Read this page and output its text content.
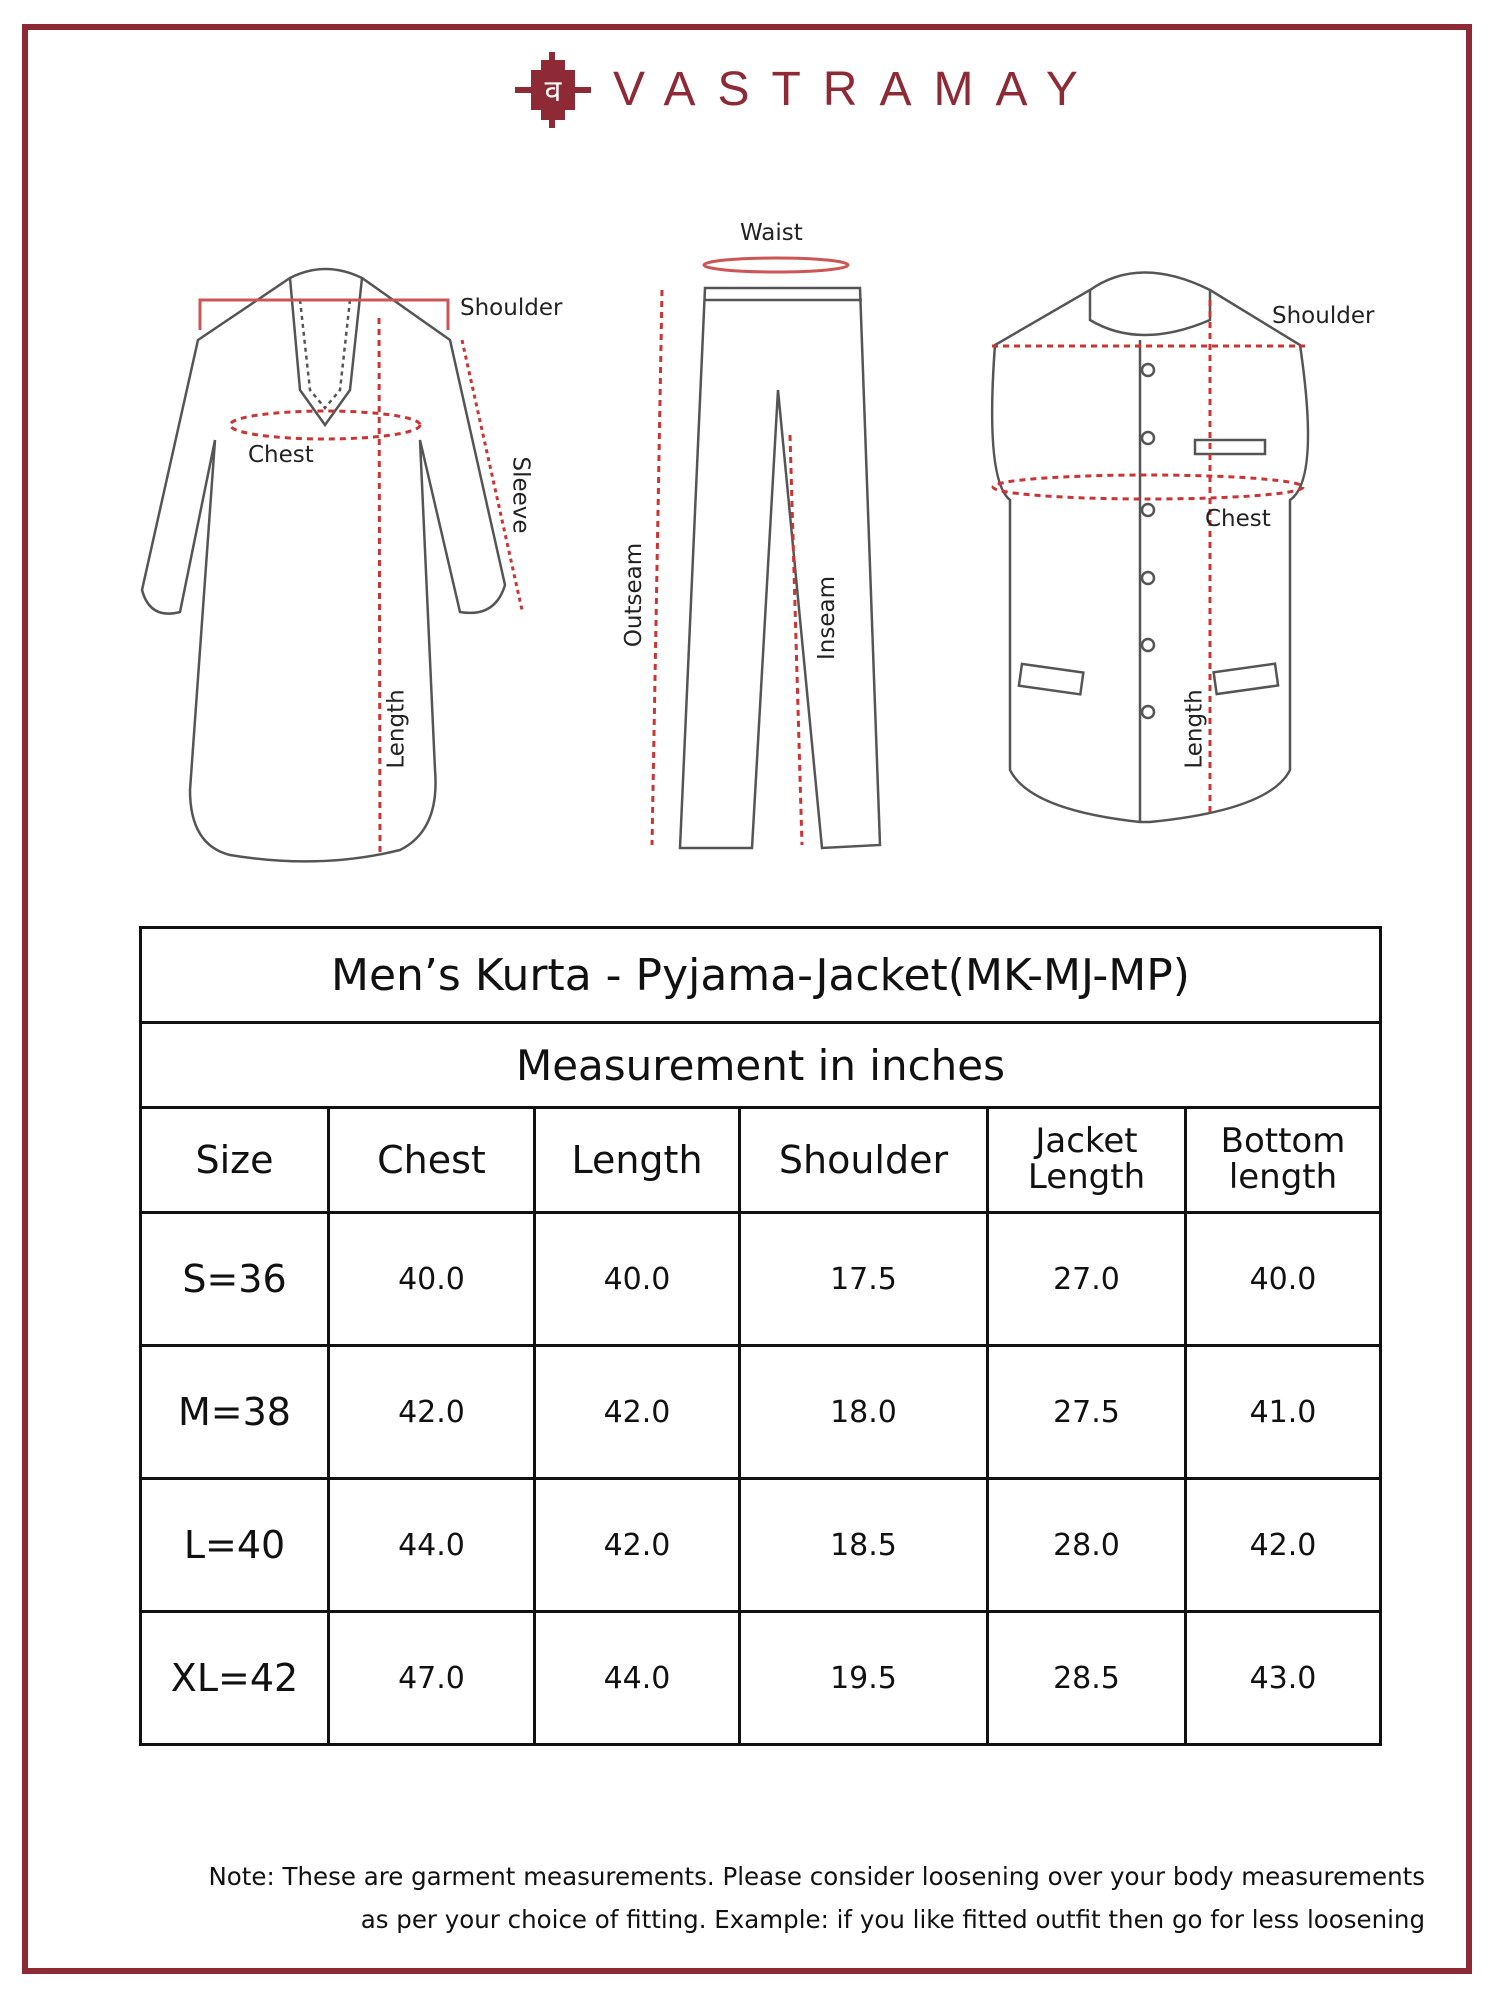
व VASTRAMAY
Waist
Shoulder
Chest
Sleeve
Length
Outseam	Inseam
Shoulder
Chest
Length
Men’s Kurta - Pyjama-Jacket(MK-MJ-MP)					
Measurement in inches					
Size	Chest	Length	Shoulder	Jacket Length	Bottom length
S=36	40.0	40.0	17.5	27.0	40.0
M=38	42.0	42.0	18.0	27.5	41.0
L=40	44.0	42.0	18.5	28.0	42.0
XL=42	47.0	44.0	19.5	28.5	43.0
Note: These are garment measurements. Please consider loosening over your body measurements
as per your choice of fitting. Example: if you like fitted outfit then go for less loosening
